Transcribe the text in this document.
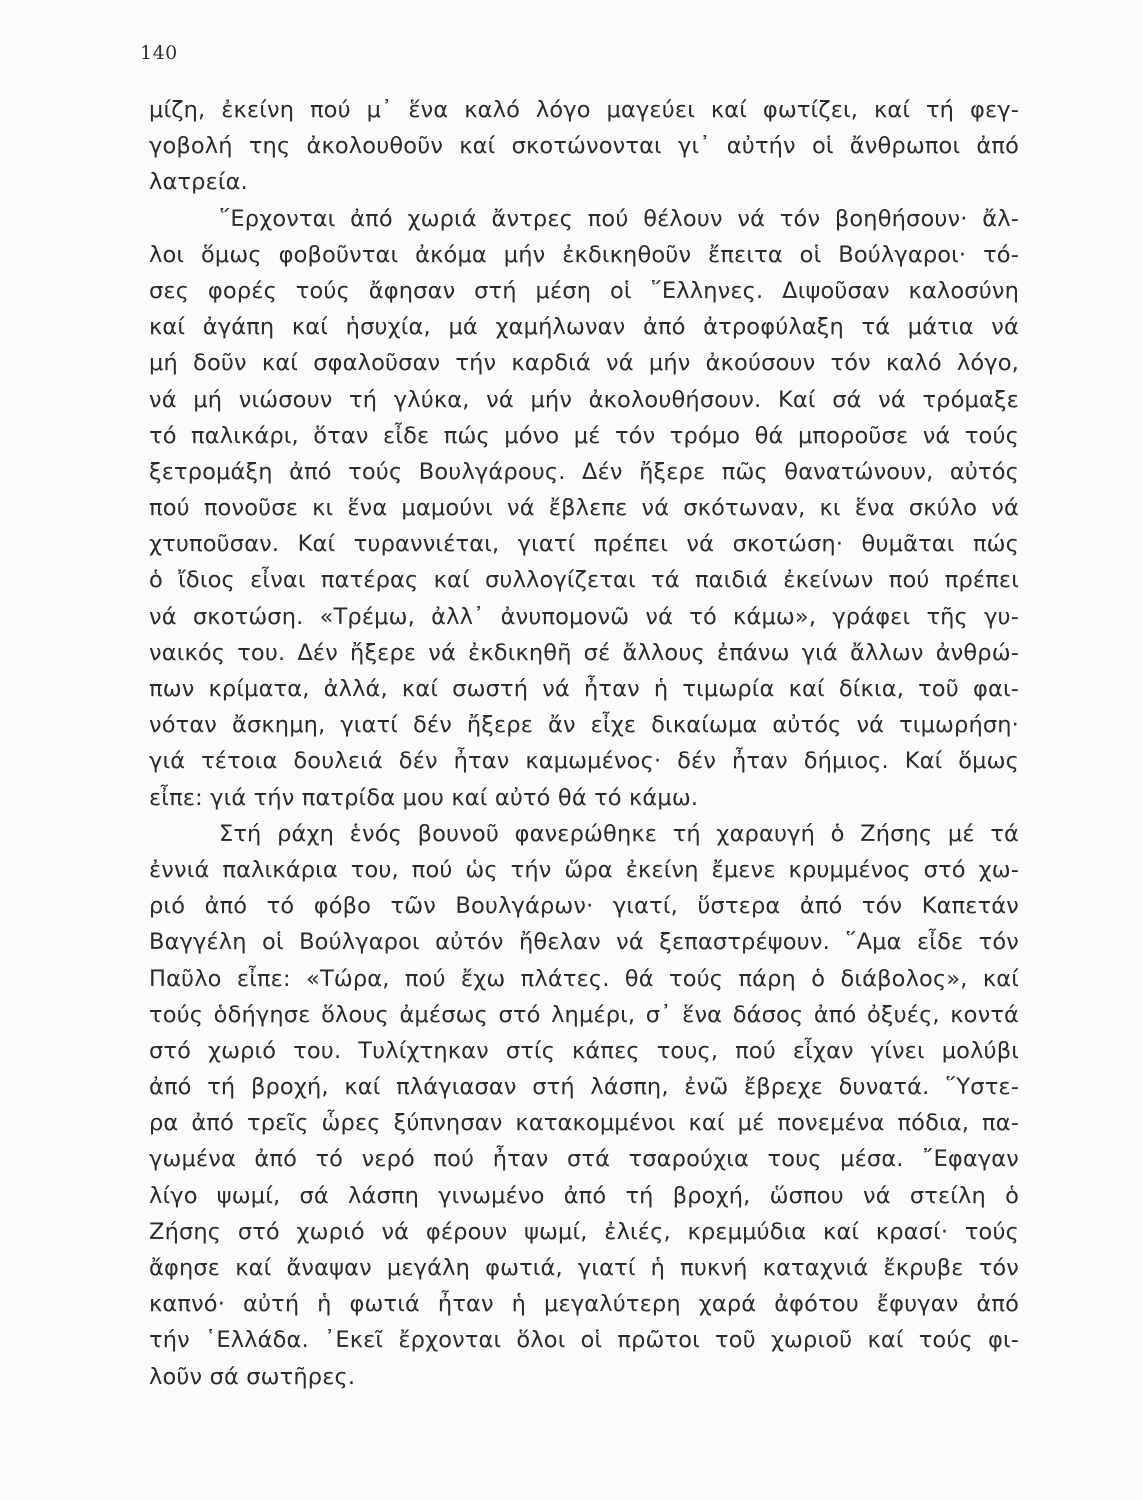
140
μίζη, ἐκείνη πού μ᾽ ἕνα καλό λόγο μαγεύει καί φωτίζει, καί τή φεγ-
γοβολή της ἀκολουθοῦν καί σκοτώνονται γι᾽ αὐτήν οἱ ἄνθρωποι ἀπό
λατρεία.
῞Ερχονται ἀπό χωριά ἄντρες πού θέλουν νά τόν βοηθήσουν· ἄλ-
λοι ὅμως φοβοῦνται ἀκόμα μήν ἐκδικηθοῦν ἔπειτα οἱ Βούλγαροι· τό-
σες φορές τούς ἄφησαν στή μέση οἱ ῞Ελληνες. Διψοῦσαν καλοσύνη
καί ἀγάπη καί ἡσυχία, μά χαμήλωναν ἀπό ἀτροφύλαξη τά μάτια νά
μή δοῦν καί σφαλοῦσαν τήν καρδιά νά μήν ἀκούσουν τόν καλό λόγο,
νά μή νιώσουν τή γλύκα, νά μήν ἀκολουθήσουν. Καί σά νά τρόμαξε
τό παλικάρι, ὅταν εἶδε πώς μόνο μέ τόν τρόμο θά μποροῦσε νά τούς
ξετρομάξη ἀπό τούς Βουλγάρους. Δέν ἤξερε πῶς θανατώνουν, αὐτός
πού πονοῦσε κι ἕνα μαμούνι νά ἔβλεπε νά σκότωναν, κι ἕνα σκύλο νά
χτυποῦσαν. Καί τυραννιέται, γιατί πρέπει νά σκοτώση· θυμᾶται πώς
ὁ ἴδιος εἶναι πατέρας καί συλλογίζεται τά παιδιά ἐκείνων πού πρέπει
νά σκοτώση. «Τρέμω, ἀλλ᾽ ἀνυπομονῶ νά τό κάμω», γράφει τῆς γυ-
ναικός του. Δέν ἤξερε νά ἐκδικηθῆ σέ ἄλλους ἐπάνω γιά ἄλλων ἀνθρώ-
πων κρίματα, ἀλλά, καί σωστή νά ἦταν ἡ τιμωρία καί δίκια, τοῦ φαι-
νόταν ἄσκημη, γιατί δέν ἤξερε ἄν εἶχε δικαίωμα αὐτός νά τιμωρήση·
γιά τέτοια δουλειά δέν ἦταν καμωμένος· δέν ἦταν δήμιος. Καί ὅμως
εἶπε: γιά τήν πατρίδα μου καί αὐτό θά τό κάμω.
Στή ράχη ἑνός βουνοῦ φανερώθηκε τή χαραυγή ὁ Ζήσης μέ τά
ἐννιά παλικάρια του, πού ὡς τήν ὥρα ἐκείνη ἔμενε κρυμμένος στό χω-
ριό ἀπό τό φόβο τῶν Βουλγάρων· γιατί, ὕστερα ἀπό τόν Καπετάν
Βαγγέλη οἱ Βούλγαροι αὐτόν ἤθελαν νά ξεπαστρέψουν. ῞Αμα εἶδε τόν
Παῦλο εἶπε: «Τώρα, πού ἔχω πλάτες. θά τούς πάρη ὁ διάβολος», καί
τούς ὁδήγησε ὅλους ἀμέσως στό λημέρι, σ᾽ ἕνα δάσος ἀπό ὀξυές, κοντά
στό χωριό του. Τυλίχτηκαν στίς κάπες τους, πού εἶχαν γίνει μολύβι
ἀπό τή βροχή, καί πλάγιασαν στή λάσπη, ἐνῶ ἔβρεχε δυνατά. ῞Υστε-
ρα ἀπό τρεῖς ὧρες ξύπνησαν κατακομμένοι καί μέ πονεμένα πόδια, πα-
γωμένα ἀπό τό νερό πού ἦταν στά τσαρούχια τους μέσα. ῎Εφαγαν
λίγο ψωμί, σά λάσπη γινωμένο ἀπό τή βροχή, ὥσπου νά στείλη ὁ
Ζήσης στό χωριό νά φέρουν ψωμί, ἐλιές, κρεμμύδια καί κρασί· τούς
ἄφησε καί ἄναψαν μεγάλη φωτιά, γιατί ἡ πυκνή καταχνιά ἔκρυβε τόν
καπνό· αὐτή ἡ φωτιά ἦταν ἡ μεγαλύτερη χαρά ἀφότου ἔφυγαν ἀπό
τήν ῾Ελλάδα. ᾿Εκεῖ ἔρχονται ὅλοι οἱ πρῶτοι τοῦ χωριοῦ καί τούς φι-
λοῦν σά σωτῆρες.
